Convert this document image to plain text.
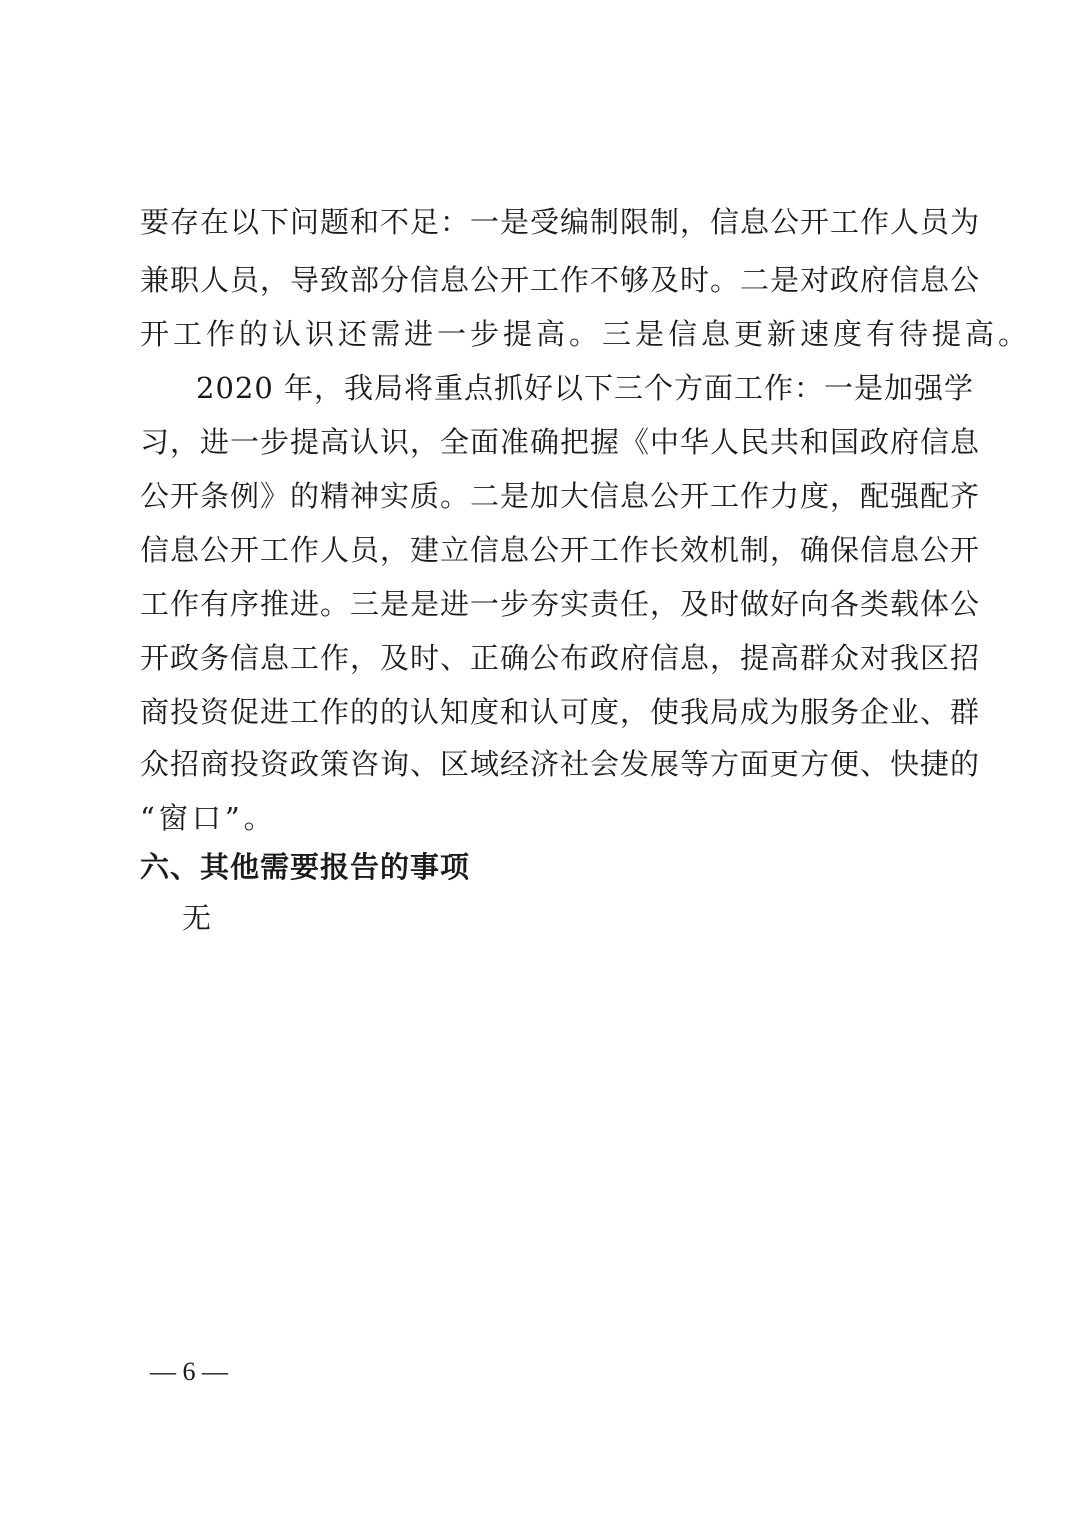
要存在以下问题和不足：一是受编制限制，信息公开工作人员为
兼职人员，导致部分信息公开工作不够及时。二是对政府信息公
开工作的认识还需进一步提高。三是信息更新速度有待提高。
2020 年，我局将重点抓好以下三个方面工作：一是加强学
习，进一步提高认识，全面准确把握《中华人民共和国政府信息
公开条例》的精神实质。二是加大信息公开工作力度，配强配齐
信息公开工作人员，建立信息公开工作长效机制，确保信息公开
工作有序推进。三是是进一步夯实责任，及时做好向各类载体公
开政务信息工作，及时、正确公布政府信息，提高群众对我区招
商投资促进工作的的认知度和认可度，使我局成为服务企业、群
众招商投资政策咨询、区域经济社会发展等方面更方便、快捷的
“窗口”。
六、其他需要报告的事项
无
— 6 —
